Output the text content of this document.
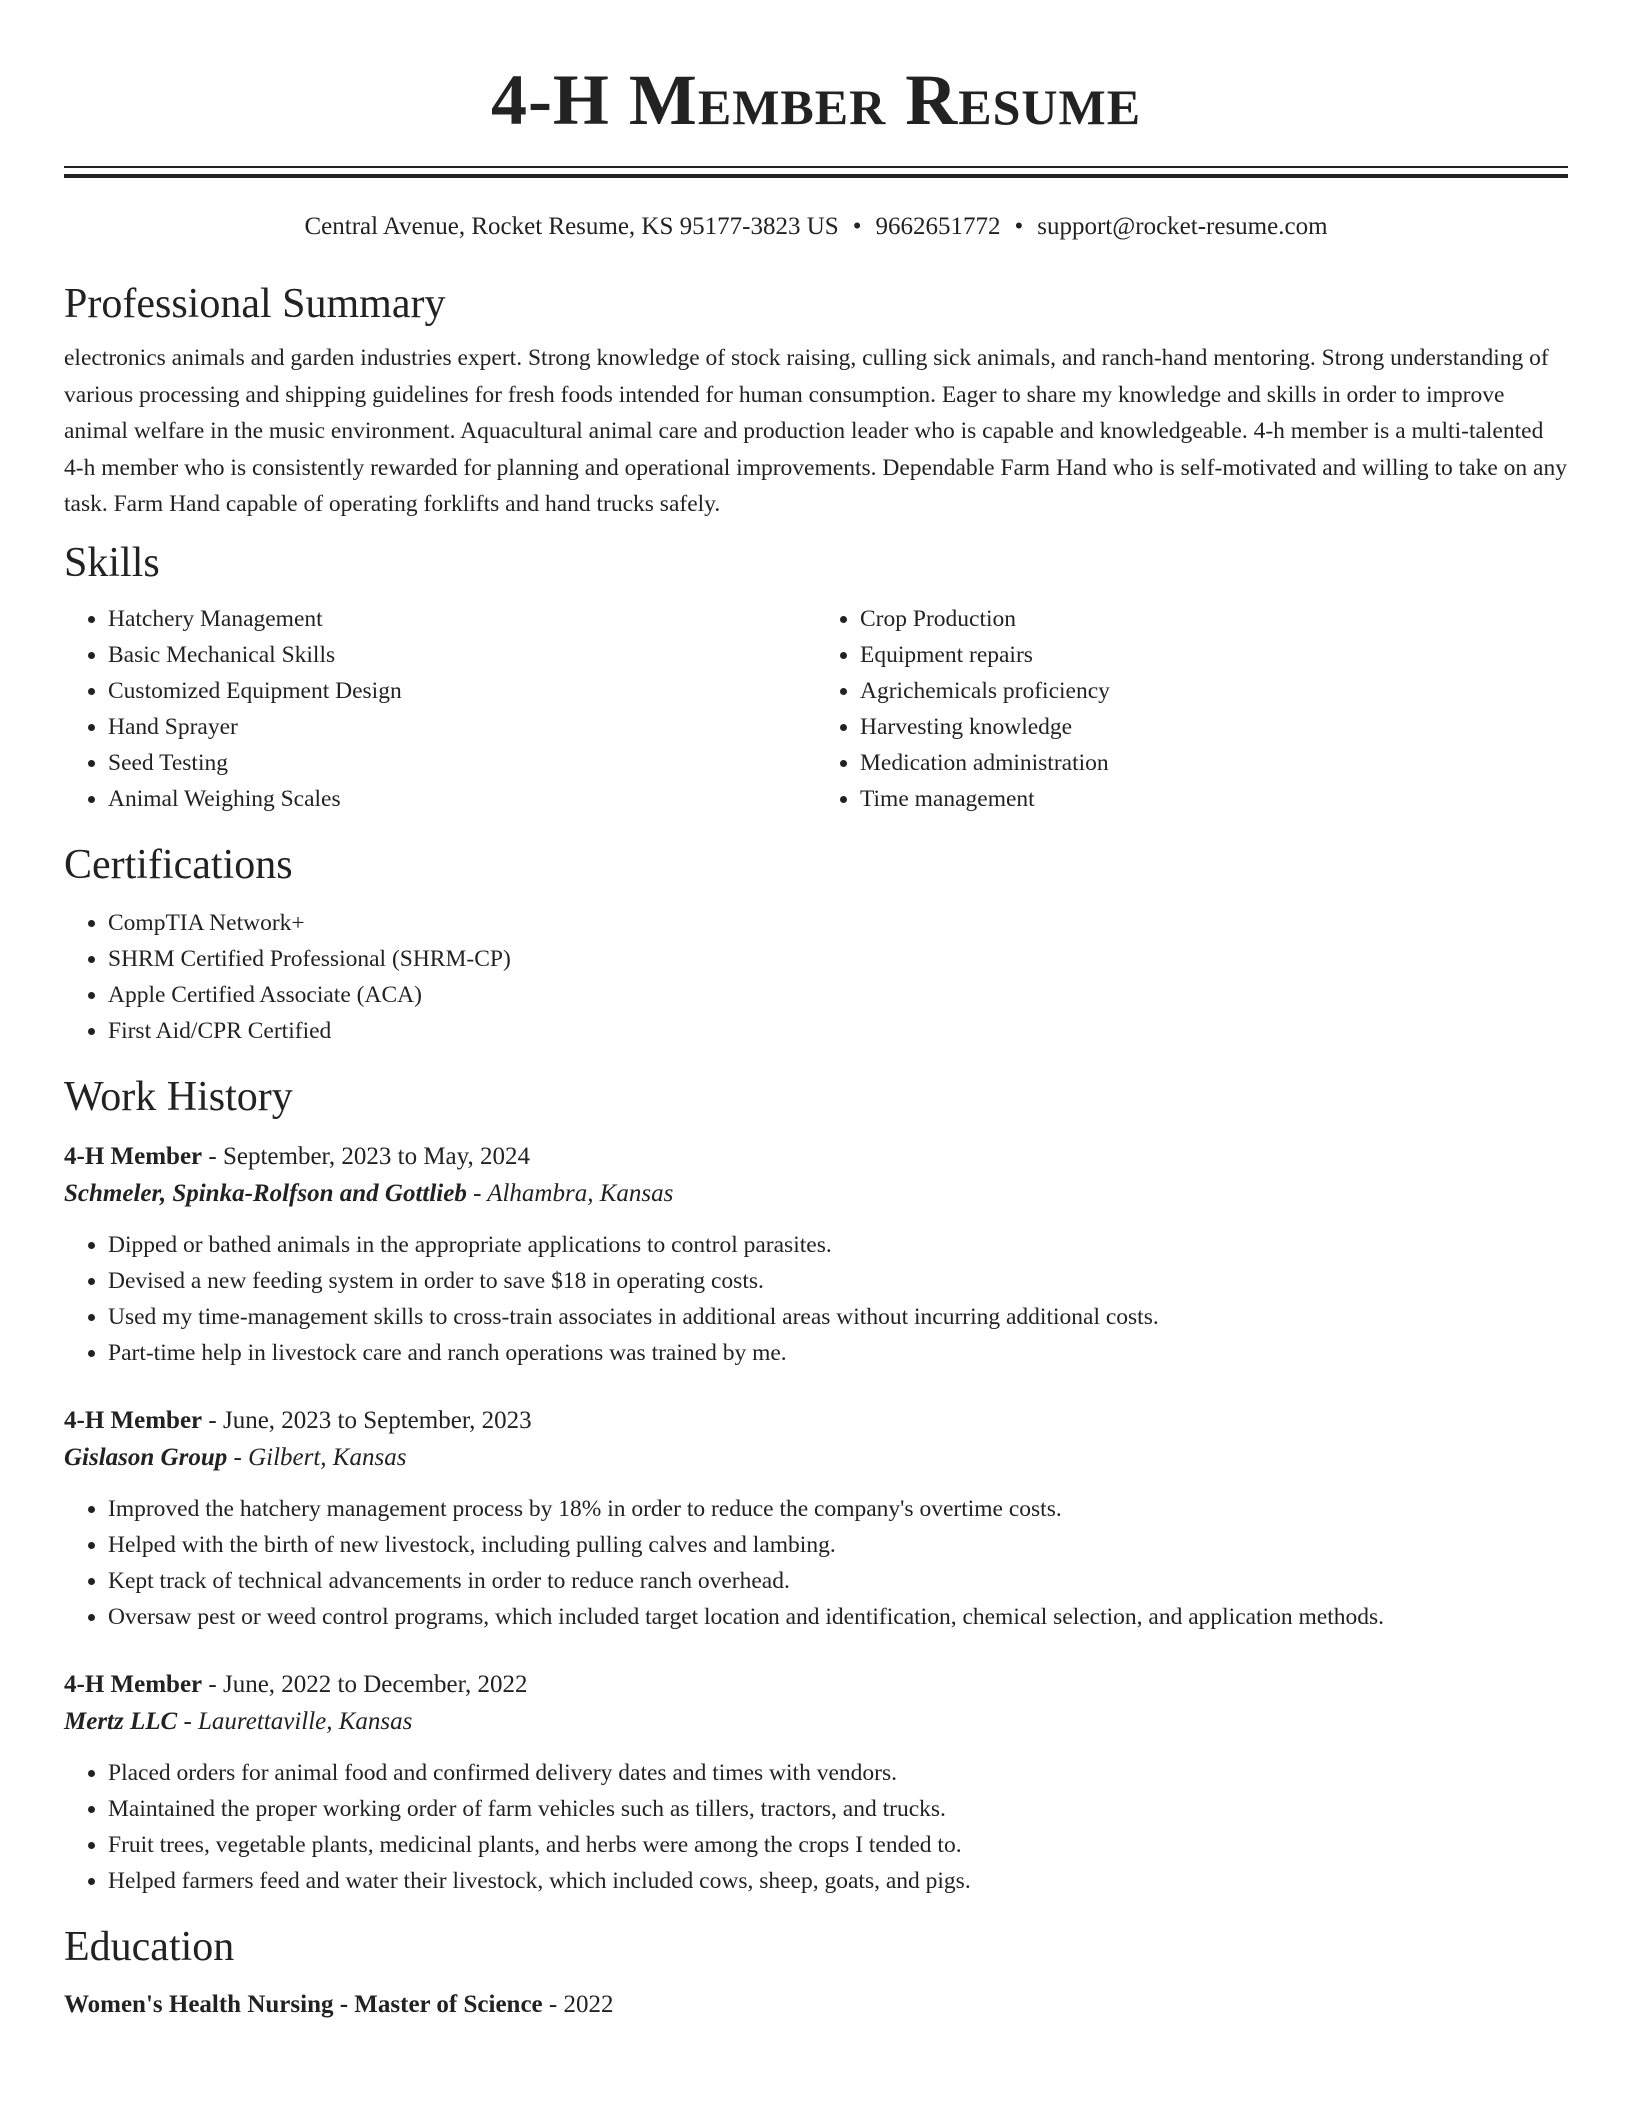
4-H Member Resume
Central Avenue, Rocket Resume, KS 95177-3823 US • 9662651772 • support@rocket-resume.com
Professional Summary

electronics animals and garden industries expert. Strong knowledge of stock raising, culling sick animals, and ranch-hand mentoring. Strong understanding of various processing and shipping guidelines for fresh foods intended for human consumption. Eager to share my knowledge and skills in order to improve animal welfare in the music environment. Aquacultural animal care and production leader who is capable and knowledgeable. 4-h member is a multi-talented 4-h member who is consistently rewarded for planning and operational improvements. Dependable Farm Hand who is self-motivated and willing to take on any task. Farm Hand capable of operating forklifts and hand trucks safely.

Skills
• Hatchery Management
• Basic Mechanical Skills
• Customized Equipment Design
• Hand Sprayer
• Seed Testing
• Animal Weighing Scales
• Crop Production
• Equipment repairs
• Agrichemicals proficiency
• Harvesting knowledge
• Medication administration
• Time management
Certifications
• CompTIA Network+
• SHRM Certified Professional (SHRM-CP)
• Apple Certified Associate (ACA)
• First Aid/CPR Certified
Work History
4-H Member - September, 2023 to May, 2024
Schmeler, Spinka-Rolfson and Gottlieb - Alhambra, Kansas
• Dipped or bathed animals in the appropriate applications to control parasites.
• Devised a new feeding system in order to save $18 in operating costs.
• Used my time-management skills to cross-train associates in additional areas without incurring additional costs.
• Part-time help in livestock care and ranch operations was trained by me.
4-H Member - June, 2023 to September, 2023
Gislason Group - Gilbert, Kansas
• Improved the hatchery management process by 18% in order to reduce the company's overtime costs.
• Helped with the birth of new livestock, including pulling calves and lambing.
• Kept track of technical advancements in order to reduce ranch overhead.
• Oversaw pest or weed control programs, which included target location and identification, chemical selection, and application methods.
4-H Member - June, 2022 to December, 2022
Mertz LLC - Laurettaville, Kansas
• Placed orders for animal food and confirmed delivery dates and times with vendors.
• Maintained the proper working order of farm vehicles such as tillers, tractors, and trucks.
• Fruit trees, vegetable plants, medicinal plants, and herbs were among the crops I tended to.
• Helped farmers feed and water their livestock, which included cows, sheep, goats, and pigs.
Education
Women's Health Nursing - Master of Science - 2022
